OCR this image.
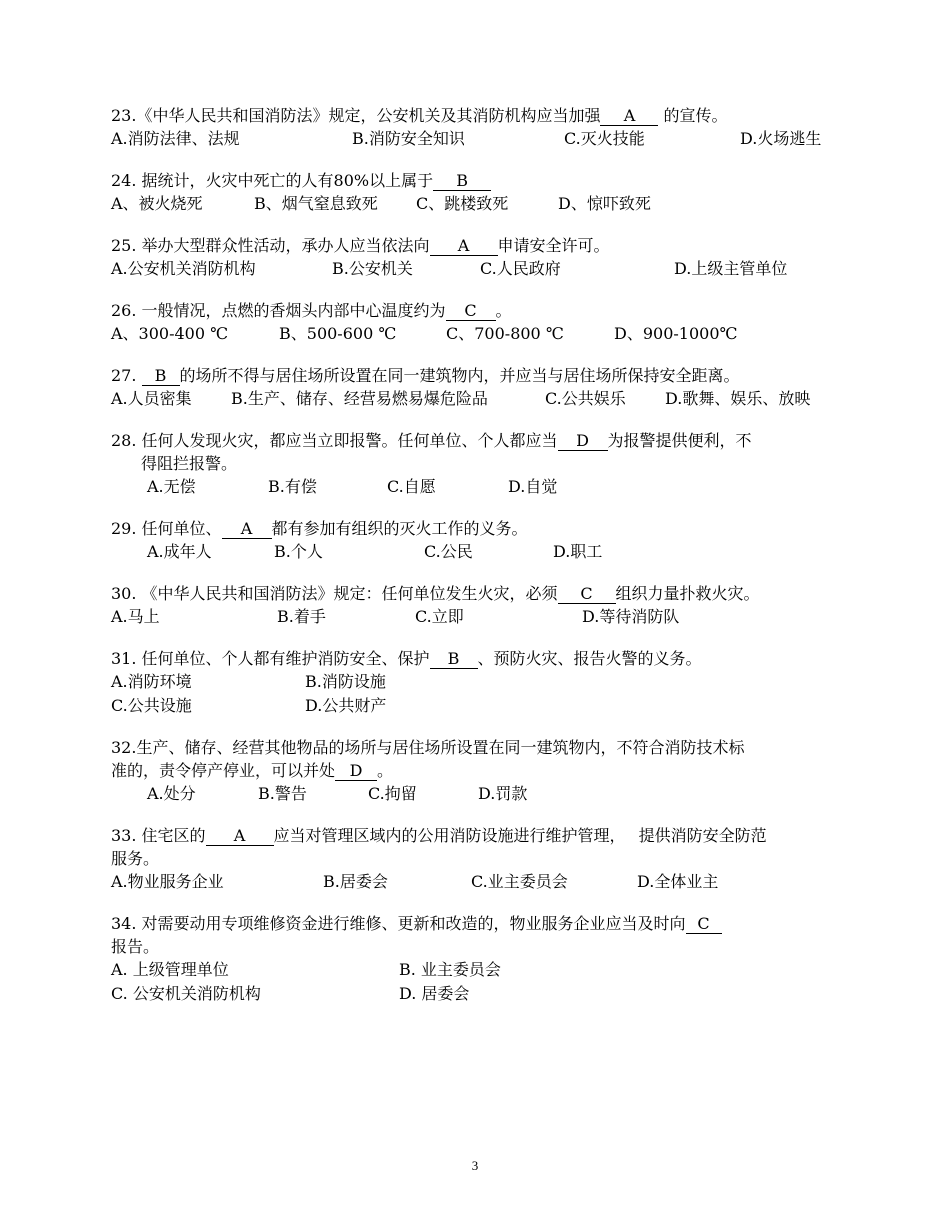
23.《中华人民共和国消防法》规定，公安机关及其消防机构应当加强 A 的宣传。
A.消防法律、法规	B.消防安全知识	C.灭火技能	D.火场逃生
24. 据统计，火灾中死亡的人有80%以上属于 B
A、被火烧死	B、烟气窒息致死	C、跳楼致死	D、惊吓致死
25. 举办大型群众性活动，承办人应当依法向 A 申请安全许可。
A.公安机关消防机构	B.公安机关	C.人民政府	D.上级主管单位
26. 一般情况，点燃的香烟头内部中心温度约为 C 。
A、300-400 ℃	B、500-600 ℃	C、700-800 ℃	D、900-1000℃
27. B 的场所不得与居住场所设置在同一建筑物内，并应当与居住场所保持安全距离。
A.人员密集	B.生产、储存、经营易燃易爆危险品	C.公共娱乐	D.歌舞、娱乐、放映
28. 任何人发现火灾，都应当立即报警。任何单位、个人都应当 D 为报警提供便利，不
得阻拦报警。
A.无偿	B.有偿	C.自愿	D.自觉
29. 任何单位、 A 都有参加有组织的灭火工作的义务。
A.成年人	B.个人	C.公民	D.职工
30. 《中华人民共和国消防法》规定：任何单位发生火灾，必须 C 组织力量扑救火灾。
A.马上	B.着手	C.立即	D.等待消防队
31. 任何单位、个人都有维护消防安全、保护 B 、预防火灾、报告火警的义务。
A.消防环境	B.消防设施
C.公共设施	D.公共财产
32.生产、储存、经营其他物品的场所与居住场所设置在同一建筑物内，不符合消防技术标
准的，责令停产停业，可以并处 D 。
A.处分	B.警告	C.拘留	D.罚款
33. 住宅区的 A 应当对管理区域内的公用消防设施进行维护管理，　 提供消防安全防范
服务。
A.物业服务企业	B.居委会	C.业主委员会	D.全体业主
34. 对需要动用专项维修资金进行维修、更新和改造的，物业服务企业应当及时向 C
报告。
A. 上级管理单位	B. 业主委员会
C. 公安机关消防机构	D. 居委会
3
